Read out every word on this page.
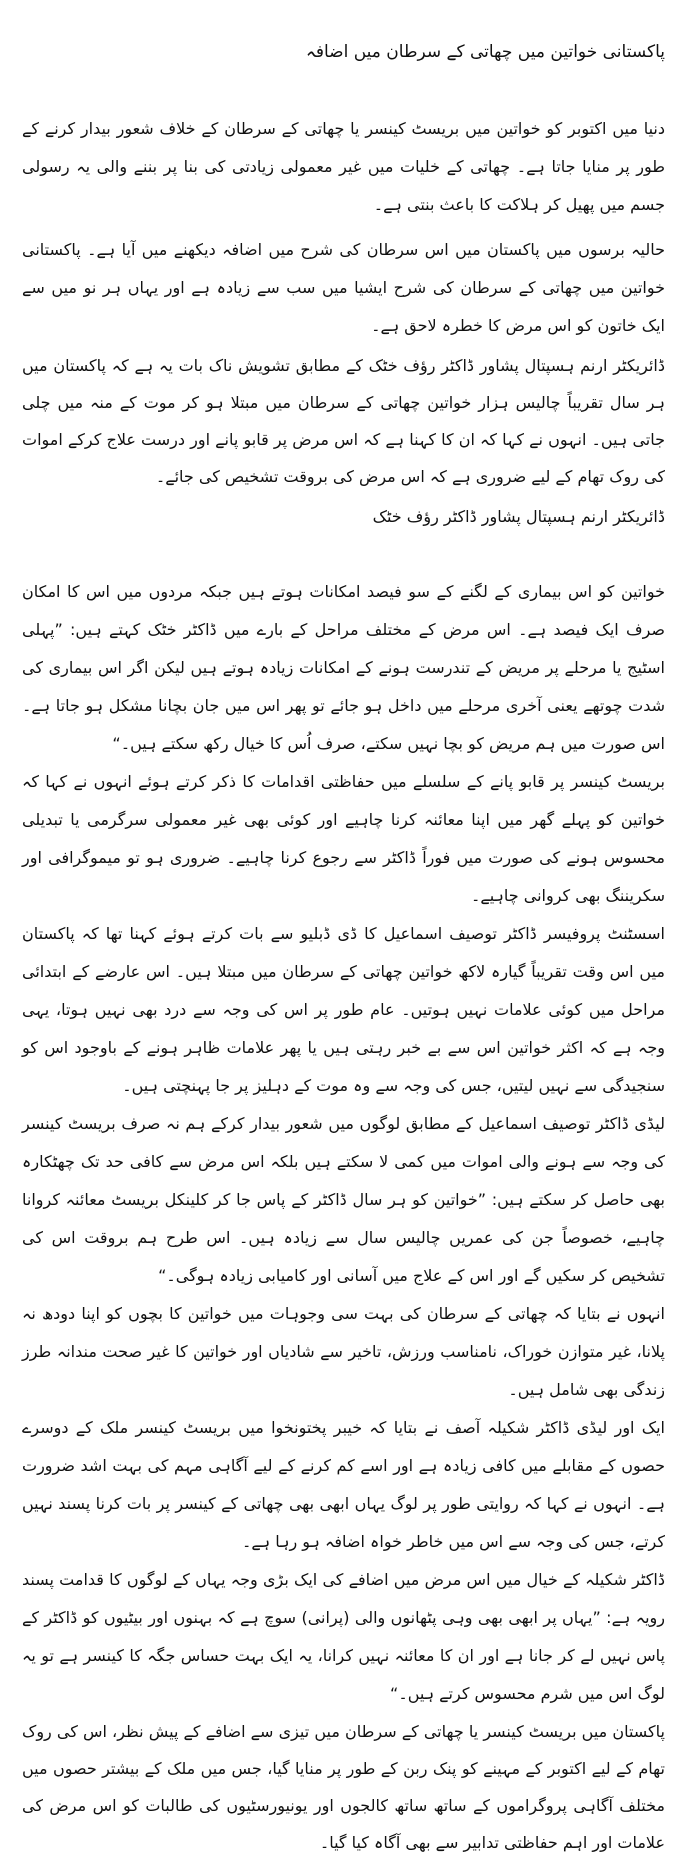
پاکستانی خواتین میں چھاتی کے سرطان میں اضافہ

دنیا میں اکتوبر کو خواتین میں بریسٹ کینسر یا چھاتی کے سرطان کے خلاف شعور بیدار کرنے کے طور پر منایا جاتا ہے۔ چھاتی کے خلیات میں غیر معمولی زیادتی کی بنا پر بننے والی یہ رسولی جسم میں پھیل کر ہلاکت کا باعث بنتی ہے۔

حالیہ برسوں میں پاکستان میں اس سرطان کی شرح میں اضافہ دیکھنے میں آیا ہے۔ پاکستانی خواتین میں چھاتی کے سرطان کی شرح ایشیا میں سب سے زیادہ ہے اور یہاں ہر نو میں سے ایک خاتون کو اس مرض کا خطرہ لاحق ہے۔

ڈائریکٹر ارنم ہسپتال پشاور ڈاکٹر رؤف خٹک کے مطابق تشویش ناک بات یہ ہے کہ پاکستان میں ہر سال تقریباً چالیس ہزار خواتین چھاتی کے سرطان میں مبتلا ہو کر موت کے منہ میں چلی جاتی ہیں۔ انہوں نے کہا کہ ان کا کہنا ہے کہ اس مرض پر قابو پانے اور درست علاج کرکے اموات کی روک تھام کے لیے ضروری ہے کہ اس مرض کی بروقت تشخیص کی جائے۔

ڈائریکٹر ارنم ہسپتال پشاور ڈاکٹر رؤف خٹک

خواتین کو اس بیماری کے لگنے کے سو فیصد امکانات ہوتے ہیں جبکہ مردوں میں اس کا امکان صرف ایک فیصد ہے۔ اس مرض کے مختلف مراحل کے بارے میں ڈاکٹر خٹک کہتے ہیں: ”پہلی اسٹیج یا مرحلے پر مریض کے تندرست ہونے کے امکانات زیادہ ہوتے ہیں لیکن اگر اس بیماری کی شدت چوتھے یعنی آخری مرحلے میں داخل ہو جائے تو پھر اس میں جان بچانا مشکل ہو جاتا ہے۔ اس صورت میں ہم مریض کو بچا نہیں سکتے، صرف اُس کا خیال رکھ سکتے ہیں۔“

بریسٹ کینسر پر قابو پانے کے سلسلے میں حفاظتی اقدامات کا ذکر کرتے ہوئے انہوں نے کہا کہ خواتین کو پہلے گھر میں اپنا معائنہ کرنا چاہیے اور کوئی بھی غیر معمولی سرگرمی یا تبدیلی محسوس ہونے کی صورت میں فوراً ڈاکٹر سے رجوع کرنا چاہیے۔ ضروری ہو تو میموگرافی اور سکریننگ بھی کروانی چاہیے۔

اسسٹنٹ پروفیسر ڈاکٹر توصیف اسماعیل کا ڈی ڈبلیو سے بات کرتے ہوئے کہنا تھا کہ پاکستان میں اس وقت تقریباً گیارہ لاکھ خواتین چھاتی کے سرطان میں مبتلا ہیں۔ اس عارضے کے ابتدائی مراحل میں کوئی علامات نہیں ہوتیں۔ عام طور پر اس کی وجہ سے درد بھی نہیں ہوتا، یہی وجہ ہے کہ اکثر خواتین اس سے بے خبر رہتی ہیں یا پھر علامات ظاہر ہونے کے باوجود اس کو سنجیدگی سے نہیں لیتیں، جس کی وجہ سے وہ موت کے دہلیز پر جا پہنچتی ہیں۔

لیڈی ڈاکٹر توصیف اسماعیل کے مطابق لوگوں میں شعور بیدار کرکے ہم نہ صرف بریسٹ کینسر کی وجہ سے ہونے والی اموات میں کمی لا سکتے ہیں بلکہ اس مرض سے کافی حد تک چھٹکارہ بھی حاصل کر سکتے ہیں: ”خواتین کو ہر سال ڈاکٹر کے پاس جا کر کلینکل بریسٹ معائنہ کروانا چاہیے، خصوصاً جن کی عمریں چالیس سال سے زیادہ ہیں۔ اس طرح ہم بروقت اس کی تشخیص کر سکیں گے اور اس کے علاج میں آسانی اور کامیابی زیادہ ہوگی۔“

انہوں نے بتایا کہ چھاتی کے سرطان کی بہت سی وجوہات میں خواتین کا بچوں کو اپنا دودھ نہ پلانا، غیر متوازن خوراک، نامناسب ورزش، تاخیر سے شادیاں اور خواتین کا غیر صحت مندانہ طرز زندگی بھی شامل ہیں۔

ایک اور لیڈی ڈاکٹر شکیلہ آصف نے بتایا کہ خیبر پختونخوا میں بریسٹ کینسر ملک کے دوسرے حصوں کے مقابلے میں کافی زیادہ ہے اور اسے کم کرنے کے لیے آگاہی مہم کی بہت اشد ضرورت ہے۔ انہوں نے کہا کہ روایتی طور پر لوگ یہاں ابھی بھی چھاتی کے کینسر پر بات کرنا پسند نہیں کرتے، جس کی وجہ سے اس میں خاطر خواہ اضافہ ہو رہا ہے۔

ڈاکٹر شکیلہ کے خیال میں اس مرض میں اضافے کی ایک بڑی وجہ یہاں کے لوگوں کا قدامت پسند رویہ ہے: ”یہاں پر ابھی بھی وہی پٹھانوں والی (پرانی) سوچ ہے کہ بہنوں اور بیٹیوں کو ڈاکٹر کے پاس نہیں لے کر جانا ہے اور ان کا معائنہ نہیں کرانا، یہ ایک بہت حساس جگہ کا کینسر ہے تو یہ لوگ اس میں شرم محسوس کرتے ہیں۔“

پاکستان میں بریسٹ کینسر یا چھاتی کے سرطان میں تیزی سے اضافے کے پیش نظر، اس کی روک تھام کے لیے اکتوبر کے مہینے کو پنک ربن کے طور پر منایا گیا، جس میں ملک کے بیشتر حصوں میں مختلف آگاہی پروگراموں کے ساتھ ساتھ کالجوں اور یونیورسٹیوں کی طالبات کو اس مرض کی علامات اور اہم حفاظتی تدابیر سے بھی آگاہ کیا گیا۔
